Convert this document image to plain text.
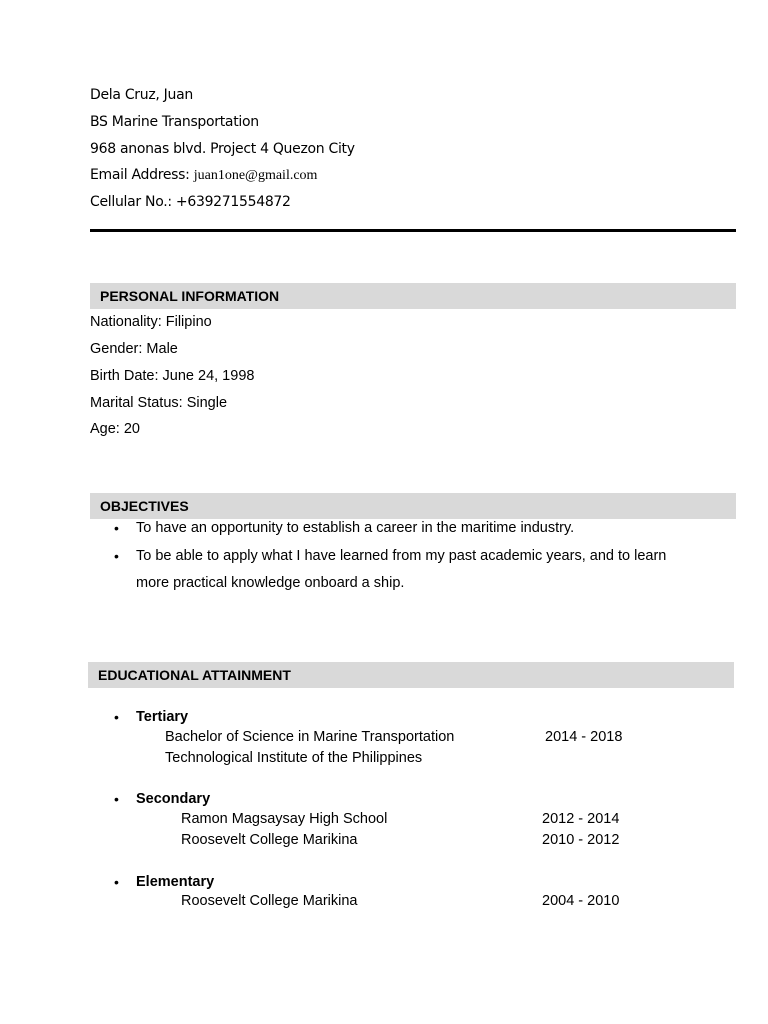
Dela Cruz, Juan
BS Marine Transportation
968 anonas blvd. Project 4 Quezon City
Email Address: juan1one@gmail.com
Cellular No.: +639271554872
PERSONAL INFORMATION
Nationality: Filipino
Gender: Male
Birth Date: June 24, 1998
Marital Status: Single
Age: 20
OBJECTIVES
• To have an opportunity to establish a career in the maritime industry.
• To be able to apply what I have learned from my past academic years, and to learn
more practical knowledge onboard a ship.
EDUCATIONAL ATTAINMENT
• Tertiary
Bachelor of Science in Marine Transportation	2014 - 2018
Technological Institute of the Philippines
• Secondary
Ramon Magsaysay High School	2012 - 2014
Roosevelt College Marikina	2010 - 2012
• Elementary
Roosevelt College Marikina	2004 - 2010
